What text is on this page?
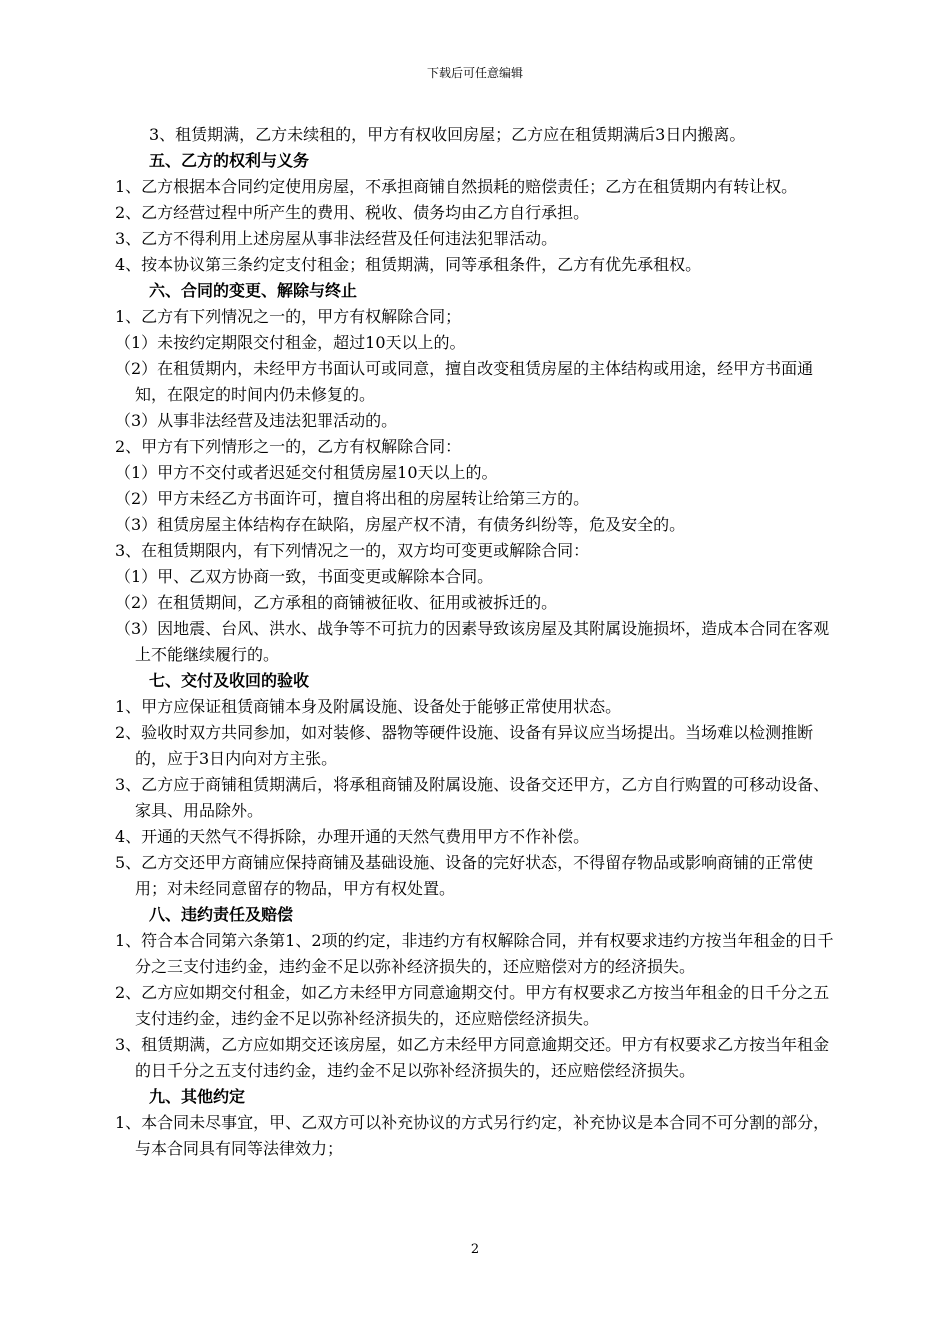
下载后可任意编辑

3、租赁期满，乙方未续租的，甲方有权收回房屋；乙方应在租赁期满后3日内搬离。

五、乙方的权利与义务

1、乙方根据本合同约定使用房屋，不承担商铺自然损耗的赔偿责任；乙方在租赁期内有转让权。

2、乙方经营过程中所产生的费用、税收、债务均由乙方自行承担。

3、乙方不得利用上述房屋从事非法经营及任何违法犯罪活动。

4、按本协议第三条约定支付租金；租赁期满，同等承租条件，乙方有优先承租权。

六、合同的变更、解除与终止

1、乙方有下列情况之一的，甲方有权解除合同；

（1）未按约定期限交付租金，超过10天以上的。

（2）在租赁期内，未经甲方书面认可或同意，擅自改变租赁房屋的主体结构或用途，经甲方书面通知，在限定的时间内仍未修复的。

（3）从事非法经营及违法犯罪活动的。

2、甲方有下列情形之一的，乙方有权解除合同：

（1）甲方不交付或者迟延交付租赁房屋10天以上的。

（2）甲方未经乙方书面许可，擅自将出租的房屋转让给第三方的。

（3）租赁房屋主体结构存在缺陷，房屋产权不清，有债务纠纷等，危及安全的。

3、在租赁期限内，有下列情况之一的，双方均可变更或解除合同：

（1）甲、乙双方协商一致，书面变更或解除本合同。

（2）在租赁期间，乙方承租的商铺被征收、征用或被拆迁的。

（3）因地震、台风、洪水、战争等不可抗力的因素导致该房屋及其附属设施损坏，造成本合同在客观上不能继续履行的。

七、交付及收回的验收

1、甲方应保证租赁商铺本身及附属设施、设备处于能够正常使用状态。

2、验收时双方共同参加，如对装修、器物等硬件设施、设备有异议应当场提出。当场难以检测推断的，应于3日内向对方主张。

3、乙方应于商铺租赁期满后，将承租商铺及附属设施、设备交还甲方，乙方自行购置的可移动设备、家具、用品除外。

4、开通的天然气不得拆除，办理开通的天然气费用甲方不作补偿。

5、乙方交还甲方商铺应保持商铺及基础设施、设备的完好状态，不得留存物品或影响商铺的正常使用；对未经同意留存的物品，甲方有权处置。

八、违约责任及赔偿

1、符合本合同第六条第1、2项的约定，非违约方有权解除合同，并有权要求违约方按当年租金的日千分之三支付违约金，违约金不足以弥补经济损失的，还应赔偿对方的经济损失。

2、乙方应如期交付租金，如乙方未经甲方同意逾期交付。甲方有权要求乙方按当年租金的日千分之五支付违约金，违约金不足以弥补经济损失的，还应赔偿经济损失。

3、租赁期满，乙方应如期交还该房屋，如乙方未经甲方同意逾期交还。甲方有权要求乙方按当年租金的日千分之五支付违约金，违约金不足以弥补经济损失的，还应赔偿经济损失。

九、其他约定

1、本合同未尽事宜，甲、乙双方可以补充协议的方式另行约定，补充协议是本合同不可分割的部分，与本合同具有同等法律效力；

2
